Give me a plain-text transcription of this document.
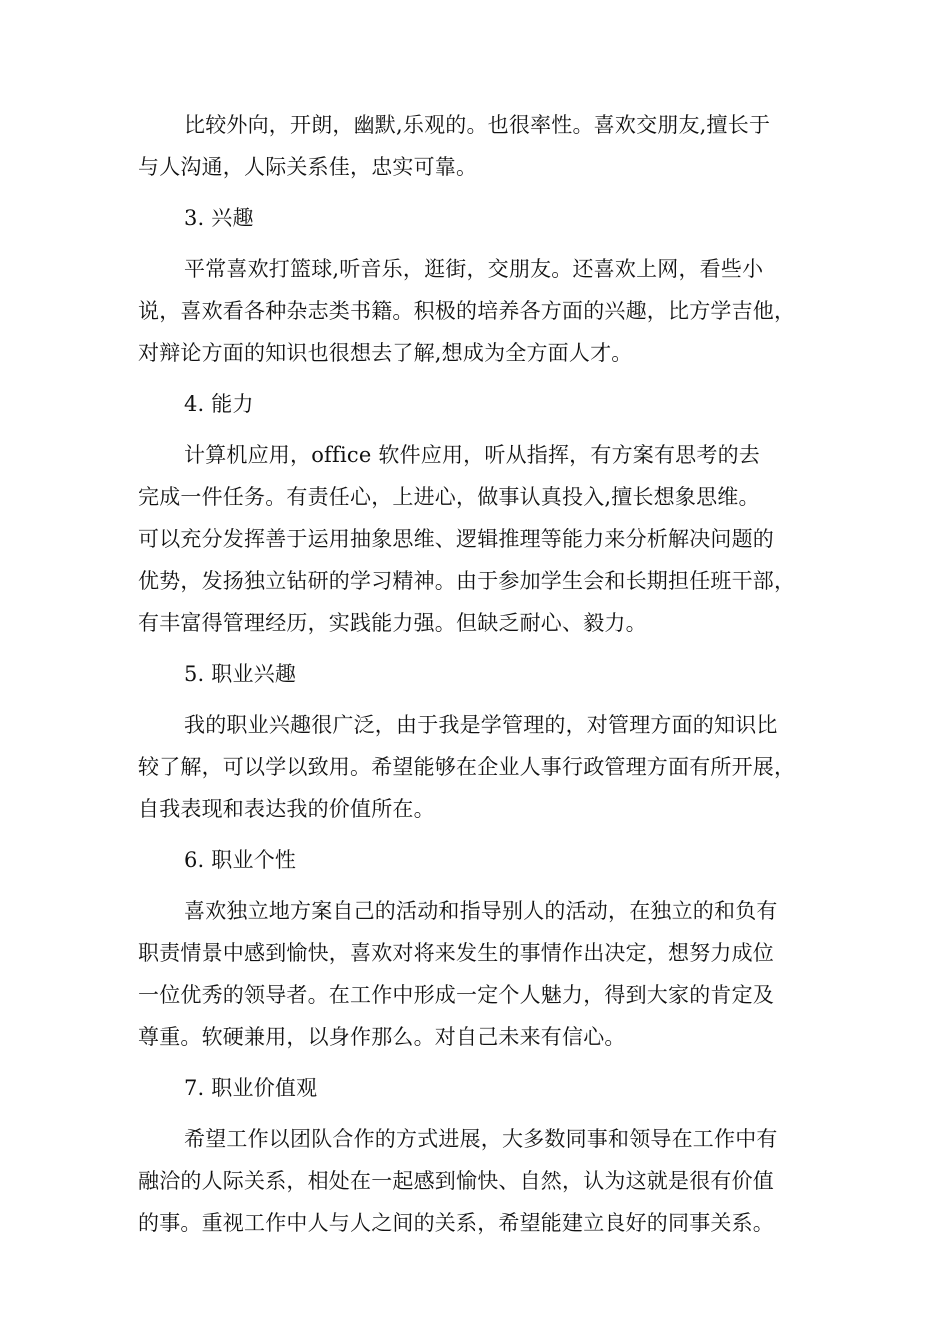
比较外向，开朗，幽默,乐观的。也很率性。喜欢交朋友,擅长于
与人沟通，人际关系佳，忠实可靠。
3. 兴趣
平常喜欢打篮球,听音乐，逛街，交朋友。还喜欢上网，看些小
说，喜欢看各种杂志类书籍。积极的培养各方面的兴趣，比方学吉他，
对辩论方面的知识也很想去了解,想成为全方面人才。
4. 能力
计算机应用，office 软件应用，听从指挥，有方案有思考的去
完成一件任务。有责任心，上进心，做事认真投入,擅长想象思维。
可以充分发挥善于运用抽象思维、逻辑推理等能力来分析解决问题的
优势，发扬独立钻研的学习精神。由于参加学生会和长期担任班干部，
有丰富得管理经历，实践能力强。但缺乏耐心、毅力。
5. 职业兴趣
我的职业兴趣很广泛，由于我是学管理的，对管理方面的知识比
较了解，可以学以致用。希望能够在企业人事行政管理方面有所开展，
自我表现和表达我的价值所在。
6. 职业个性
喜欢独立地方案自己的活动和指导别人的活动，在独立的和负有
职责情景中感到愉快，喜欢对将来发生的事情作出决定，想努力成位
一位优秀的领导者。在工作中形成一定个人魅力，得到大家的肯定及
尊重。软硬兼用，以身作那么。对自己未来有信心。
7. 职业价值观
希望工作以团队合作的方式进展，大多数同事和领导在工作中有
融洽的人际关系，相处在一起感到愉快、自然，认为这就是很有价值
的事。重视工作中人与人之间的关系，希望能建立良好的同事关系。
